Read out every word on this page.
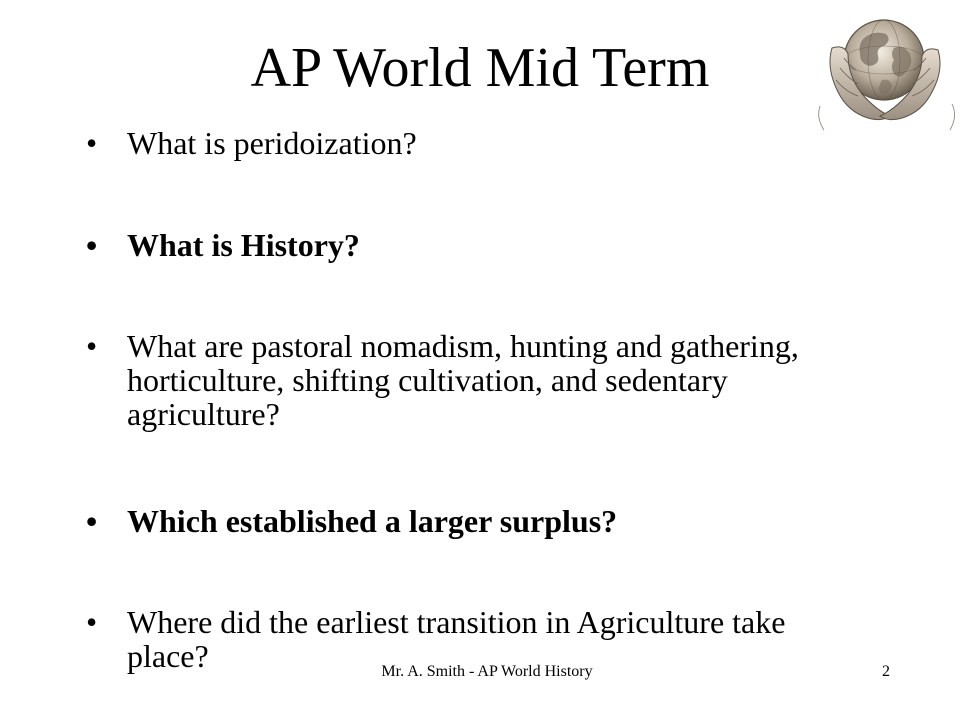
AP World Mid Term
• What is peridoization?
• What is History?
• What are pastoral nomadism, hunting and gathering, horticulture, shifting cultivation, and sedentary agriculture?
• Which established a larger surplus?
• Where did the earliest transition in Agriculture take place?	Mr. A. Smith - AP World History	2
